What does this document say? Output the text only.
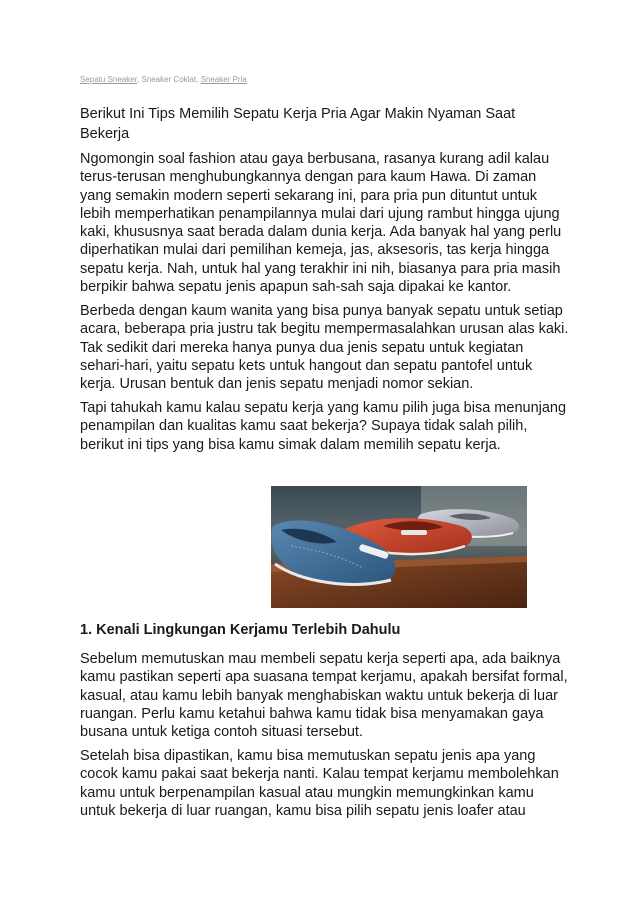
Sepatu Sneaker, Sneaker Coklat, Sneaker Pria
Berikut Ini Tips Memilih Sepatu Kerja Pria Agar Makin Nyaman Saat Bekerja

Ngomongin soal fashion atau gaya berbusana, rasanya kurang adil kalau terus-terusan menghubungkannya dengan para kaum Hawa. Di zaman yang semakin modern seperti sekarang ini, para pria pun dituntut untuk lebih memperhatikan penampilannya mulai dari ujung rambut hingga ujung kaki, khususnya saat berada dalam dunia kerja. Ada banyak hal yang perlu diperhatikan mulai dari pemilihan kemeja, jas, aksesoris, tas kerja hingga sepatu kerja. Nah, untuk hal yang terakhir ini nih, biasanya para pria masih berpikir bahwa sepatu jenis apapun sah-sah saja dipakai ke kantor.

Berbeda dengan kaum wanita yang bisa punya banyak sepatu untuk setiap acara, beberapa pria justru tak begitu mempermasalahkan urusan alas kaki. Tak sedikit dari mereka hanya punya dua jenis sepatu untuk kegiatan sehari-hari, yaitu sepatu kets untuk hangout dan sepatu pantofel untuk kerja. Urusan bentuk dan jenis sepatu menjadi nomor sekian.

Tapi tahukah kamu kalau sepatu kerja yang kamu pilih juga bisa menunjang penampilan dan kualitas kamu saat bekerja? Supaya tidak salah pilih, berikut ini tips yang bisa kamu simak dalam memilih sepatu kerja.

1. Kenali Lingkungan Kerjamu Terlebih Dahulu

Sebelum memutuskan mau membeli sepatu kerja seperti apa, ada baiknya kamu pastikan seperti apa suasana tempat kerjamu, apakah bersifat formal, kasual, atau kamu lebih banyak menghabiskan waktu untuk bekerja di luar ruangan. Perlu kamu ketahui bahwa kamu tidak bisa menyamakan gaya busana untuk ketiga contoh situasi tersebut.

Setelah bisa dipastikan, kamu bisa memutuskan sepatu jenis apa yang cocok kamu pakai saat bekerja nanti. Kalau tempat kerjamu membolehkan kamu untuk berpenampilan kasual atau mungkin memungkinkan kamu untuk bekerja di luar ruangan, kamu bisa pilih sepatu jenis loafer atau
